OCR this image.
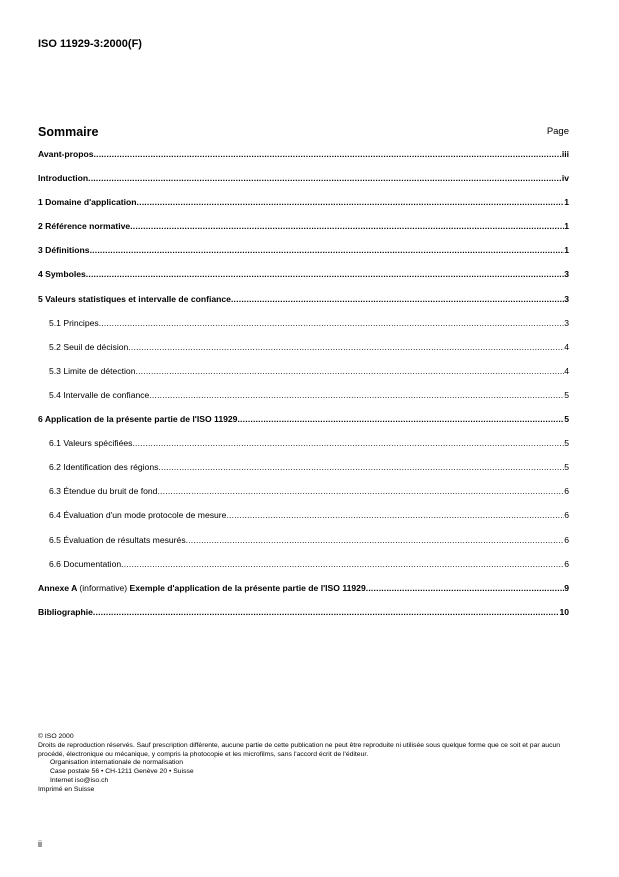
ISO 11929-3:2000(F)
Sommaire	Page
Avant-propos .....	iii
Introduction .....	iv
1 Domaine d'application .....	1
2 Référence normative .....	1
3 Définitions .....	1
4 Symboles .....	3
5 Valeurs statistiques et intervalle de confiance .....	3
5.1 Principes .....	3
5.2 Seuil de décision .....	4
5.3 Limite de détection .....	4
5.4 Intervalle de confiance .....	5
6 Application de la présente partie de l'ISO 11929 .....	5
6.1 Valeurs spécifiées .....	5
6.2 Identification des régions .....	5
6.3 Étendue du bruit de fond .....	6
6.4 Évaluation d'un mode protocole de mesure .....	6
6.5 Évaluation de résultats mesurés .....	6
6.6 Documentation .....	6
Annexe A (informative) Exemple d'application de la présente partie de l'ISO 11929 .....	9
Bibliographie .....	10

© ISO 2000

Droits de reproduction réservés. Sauf prescription différente, aucune partie de cette publication ne peut être reproduite ni utilisée sous quelque forme que ce soit et par aucun procédé, électronique ou mécanique, y compris la photocopie et les microfilms, sans l'accord écrit de l'éditeur.

Organisation internationale de normalisation

Case postale 56 • CH-1211 Genève 20 • Suisse

Internet iso@iso.ch

Imprimé en Suisse

ii
